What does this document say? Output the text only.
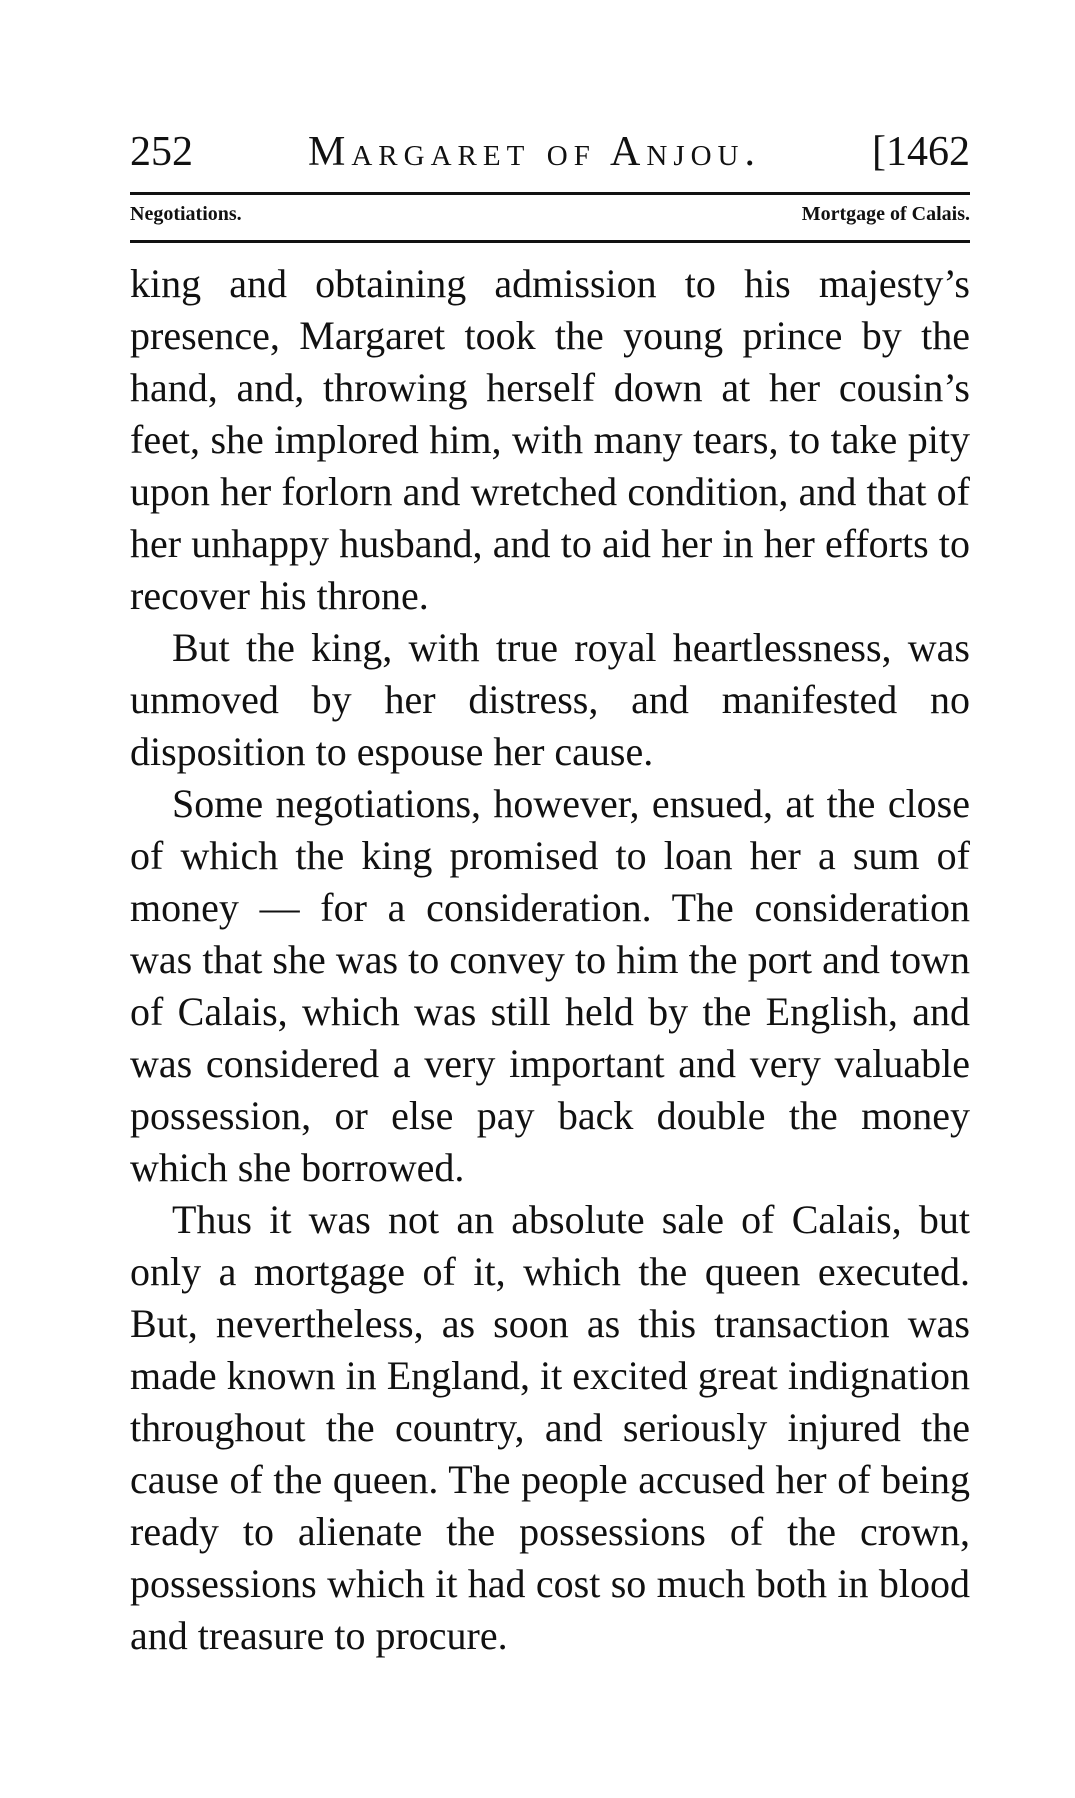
252	Margaret of Anjou.	[1462
Negotiations.	Mortgage of Calais.

king and obtaining admission to his majesty’s presence, Margaret took the young prince by the hand, and, throwing herself down at her cousin’s feet, she implored him, with many tears, to take pity upon her forlorn and wretched condition, and that of her unhappy husband, and to aid her in her efforts to recover his throne.

But the king, with true royal heartlessness, was unmoved by her distress, and manifested no disposition to espouse her cause.

Some negotiations, however, ensued, at the close of which the king promised to loan her a sum of money — for a consideration. The consideration was that she was to convey to him the port and town of Calais, which was still held by the English, and was considered a very important and very valuable possession, or else pay back double the money which she borrowed.

Thus it was not an absolute sale of Calais, but only a mortgage of it, which the queen executed. But, nevertheless, as soon as this transaction was made known in England, it excited great indignation throughout the country, and seriously injured the cause of the queen. The people accused her of being ready to alienate the possessions of the crown, possessions which it had cost so much both in blood and treasure to procure.
